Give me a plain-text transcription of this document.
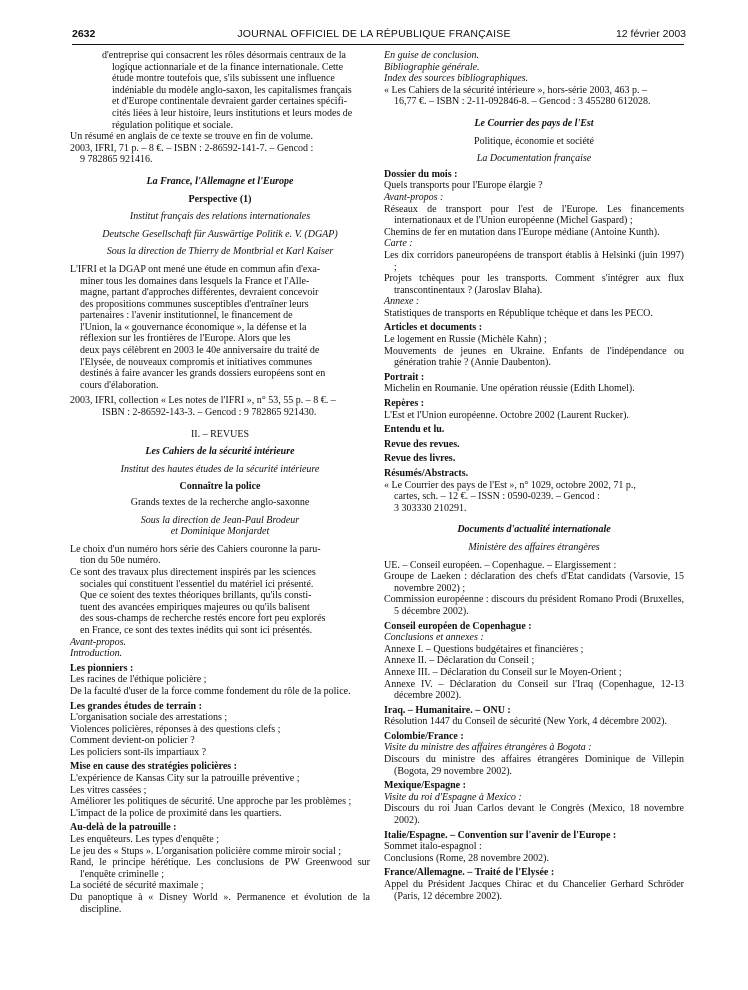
2632	JOURNAL OFFICIEL DE LA RÉPUBLIQUE FRANÇAISE	12 février 2003
d'entreprise qui consacrent les rôles désormais centraux de la
logique actionnariale et de la finance internationale. Cette
étude montre toutefois que, s'ils subissent une influence
indéniable du modèle anglo-saxon, les capitalismes français
et d'Europe continentale devraient garder certaines spécifi-
cités liées à leur histoire, leurs institutions et leurs modes de
régulation politique et sociale.

Un résumé en anglais de ce texte se trouve en fin de volume.

2003, IFRI, 71 p. – 8 €. – ISBN : 2-86592-141-7. – Gencod :

9 782865 921416.

La France, l'Allemagne et l'Europe

Perspective (1)

Institut français des relations internationales

Deutsche Gesellschaft für Auswärtige Politik e. V. (DGAP)

Sous la direction de Thierry de Montbrial et Karl Kaiser

L'IFRI et la DGAP ont mené une étude en commun afin d'exa-
miner tous les domaines dans lesquels la France et l'Alle-
magne, partant d'approches différentes, devraient concevoir
des propositions communes susceptibles d'entraîner leurs
partenaires : l'avenir institutionnel, le financement de
l'Union, la « gouvernance économique », la défense et la
réflexion sur les frontières de l'Europe. Alors que les
deux pays célèbrent en 2003 le 40e anniversaire du traité de
l'Elysée, de nouveaux compromis et initiatives communes
destinés à faire avancer les grands dossiers européens sont en
cours d'élaboration.

2003, IFRI, collection « Les notes de l'IFRI », n° 53, 55 p. – 8 €. –

ISBN : 2-86592-143-3. – Gencod : 9 782865 921430.

II. – REVUES

Les Cahiers de la sécurité intérieure

Institut des hautes études de la sécurité intérieure

Connaître la police

Grands textes de la recherche anglo-saxonne

Sous la direction de Jean-Paul Brodeur

et Dominique Monjardet

Le choix d'un numéro hors série des Cahiers couronne la paru-
tion du 50e numéro.
Ce sont des travaux plus directement inspirés par les sciences
sociales qui constituent l'essentiel du matériel ici présenté.
Que ce soient des textes théoriques brillants, qu'ils consti-
tuent des avancées empiriques majeures ou qu'ils balisent
des sous-champs de recherche restés encore fort peu explorés
en France, ce sont des textes inédits qui sont ici présentés.

Avant-propos.

Introduction.

Les pionniers :
Les racines de l'éthique policière ;
De la faculté d'user de la force comme fondement du rôle de la police.
Les grandes études de terrain :
L'organisation sociale des arrestations ;
Violences policières, réponses à des questions clefs ;
Comment devient-on policier ?
Les policiers sont-ils impartiaux ?
Mise en cause des stratégies policières :
L'expérience de Kansas City sur la patrouille préventive ;
Les vitres cassées ;
Améliorer les politiques de sécurité. Une approche par les problèmes ;
L'impact de la police de proximité dans les quartiers.
Au-delà de la patrouille :
Les enquêteurs. Les types d'enquête ;
Le jeu des « Stups ». L'organisation policière comme miroir social ;
Rand, le principe hérétique. Les conclusions de PW Greenwood sur l'enquête criminelle ;
La société de sécurité maximale ;
Du panoptique à « Disney World ». Permanence et évolution de la discipline.
En guise de conclusion.
Bibliographie générale.
Index des sources bibliographiques.

« Les Cahiers de la sécurité intérieure », hors-série 2003, 463 p. –

16,77 €. – ISBN : 2-11-092846-8. – Gencod : 3 455280 612028.

Le Courrier des pays de l'Est

Politique, économie et société

La Documentation française

Dossier du mois :
Quels transports pour l'Europe élargie ?
Avant-propos :
Réseaux de transport pour l'est de l'Europe. Les financements internationaux et de l'Union européenne (Michel Gaspard) ;
Chemins de fer en mutation dans l'Europe médiane (Antoine Kunth).
Carte :
Les dix corridors paneuropéens de transport établis à Helsinki (juin 1997) ;
Projets tchèques pour les transports. Comment s'intégrer aux flux transcontinentaux ? (Jaroslav Blaha).
Annexe :
Statistiques de transports en République tchèque et dans les PECO.
Articles et documents :
Le logement en Russie (Michèle Kahn) ;
Mouvements de jeunes en Ukraine. Enfants de l'indépendance ou génération trahie ? (Annie Daubenton).
Portrait :
Michelin en Roumanie. Une opération réussie (Edith Lhomel).
Repères :
L'Est et l'Union européenne. Octobre 2002 (Laurent Rucker).
Entendu et lu.
Revue des revues.
Revue des livres.
Résumés/Abstracts.
« Le Courrier des pays de l'Est », n° 1029, octobre 2002, 71 p.,
cartes, sch. – 12 €. – ISSN : 0590-0239. – Gencod :
3 303330 210291.

Documents d'actualité internationale

Ministère des affaires étrangères

UE. – Conseil européen. – Copenhague. – Elargissement :
Groupe de Laeken : déclaration des chefs d'Etat candidats (Varsovie, 15 novembre 2002) ;
Commission européenne : discours du président Romano Prodi (Bruxelles, 5 décembre 2002).
Conseil européen de Copenhague :
Conclusions et annexes :
Annexe I. – Questions budgétaires et financières ;
Annexe II. – Déclaration du Conseil ;
Annexe III. – Déclaration du Conseil sur le Moyen-Orient ;
Annexe IV. – Déclaration du Conseil sur l'Iraq (Copenhague, 12-13 décembre 2002).
Iraq. – Humanitaire. – ONU :
Résolution 1447 du Conseil de sécurité (New York, 4 décembre 2002).
Colombie/France :
Visite du ministre des affaires étrangères à Bogota :
Discours du ministre des affaires étrangères Dominique de Villepin (Bogota, 29 novembre 2002).
Mexique/Espagne :
Visite du roi d'Espagne à Mexico :
Discours du roi Juan Carlos devant le Congrès (Mexico, 18 novembre 2002).
Italie/Espagne. – Convention sur l'avenir de l'Europe :
Sommet italo-espagnol :
Conclusions (Rome, 28 novembre 2002).
France/Allemagne. – Traité de l'Elysée :
Appel du Président Jacques Chirac et du Chancelier Gerhard Schröder (Paris, 12 décembre 2002).
